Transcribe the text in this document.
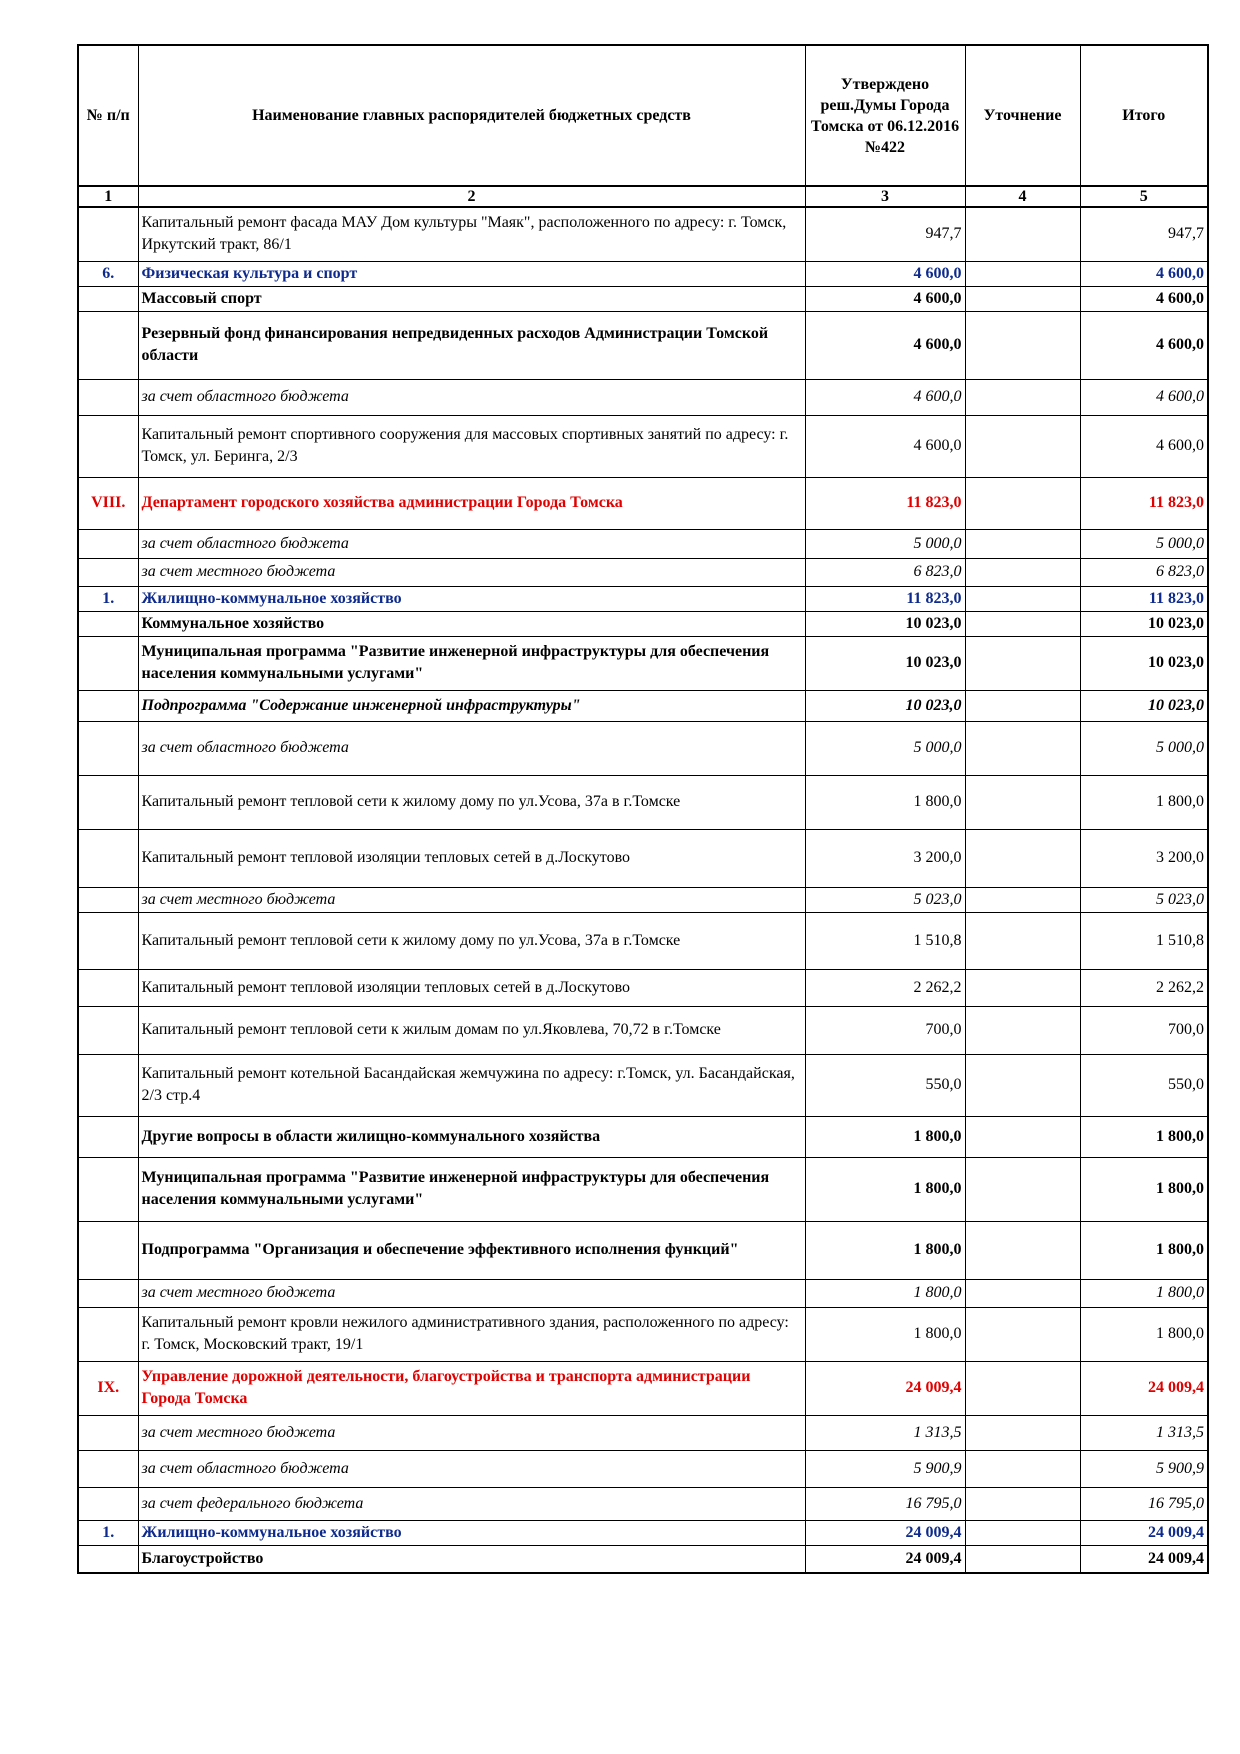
№ п/п	Наименование главных распорядителей бюджетных средств	Утверждено реш.Думы Города Томска от 06.12.2016 №422	Уточнение	Итого
1	2	3	4	5
	Капитальный ремонт фасада МАУ Дом культуры "Маяк", расположенного по адресу: г. Томск, Иркутский тракт, 86/1	947,7		947,7
6.	Физическая культура и спорт	4 600,0		4 600,0
	Массовый спорт	4 600,0		4 600,0
	Резервный фонд финансирования непредвиденных расходов Администрации Томской области	4 600,0		4 600,0
	за счет областного бюджета	4 600,0		4 600,0
	Капитальный ремонт спортивного сооружения для массовых спортивных занятий по адресу: г. Томск, ул. Беринга, 2/3	4 600,0		4 600,0
VIII.	Департамент городского хозяйства администрации Города Томска	11 823,0		11 823,0
	за счет областного бюджета	5 000,0		5 000,0
	за счет местного бюджета	6 823,0		6 823,0
1.	Жилищно-коммунальное хозяйство	11 823,0		11 823,0
	Коммунальное хозяйство	10 023,0		10 023,0
	Муниципальная программа "Развитие инженерной инфраструктуры для обеспечения населения коммунальными услугами"	10 023,0		10 023,0
	Подпрограмма "Содержание инженерной инфраструктуры"	10 023,0		10 023,0
	за счет областного бюджета	5 000,0		5 000,0
	Капитальный ремонт тепловой сети к жилому дому по ул.Усова, 37а в г.Томске	1 800,0		1 800,0
	Капитальный ремонт тепловой изоляции тепловых сетей в д.Лоскутово	3 200,0		3 200,0
	за счет местного бюджета	5 023,0		5 023,0
	Капитальный ремонт тепловой сети к жилому дому по ул.Усова, 37а в г.Томске	1 510,8		1 510,8
	Капитальный ремонт тепловой изоляции тепловых сетей в д.Лоскутово	2 262,2		2 262,2
	Капитальный ремонт тепловой сети к жилым домам по ул.Яковлева, 70,72 в г.Томске	700,0		700,0
	Капитальный ремонт котельной Басандайская жемчужина по адресу: г.Томск, ул. Басандайская, 2/3 стр.4	550,0		550,0
	Другие вопросы в области жилищно-коммунального хозяйства	1 800,0		1 800,0
	Муниципальная программа "Развитие инженерной инфраструктуры для обеспечения населения коммунальными услугами"	1 800,0		1 800,0
	Подпрограмма "Организация и обеспечение эффективного исполнения функций"	1 800,0		1 800,0
	за счет местного бюджета	1 800,0		1 800,0
	Капитальный ремонт кровли нежилого административного здания, расположенного по адресу: г. Томск, Московский тракт, 19/1	1 800,0		1 800,0
IX.	Управление дорожной деятельности, благоустройства и транспорта администрации Города Томска	24 009,4		24 009,4
	за счет местного бюджета	1 313,5		1 313,5
	за счет областного бюджета	5 900,9		5 900,9
	за счет федерального бюджета	16 795,0		16 795,0
1.	Жилищно-коммунальное хозяйство	24 009,4		24 009,4
	Благоустройство	24 009,4		24 009,4
